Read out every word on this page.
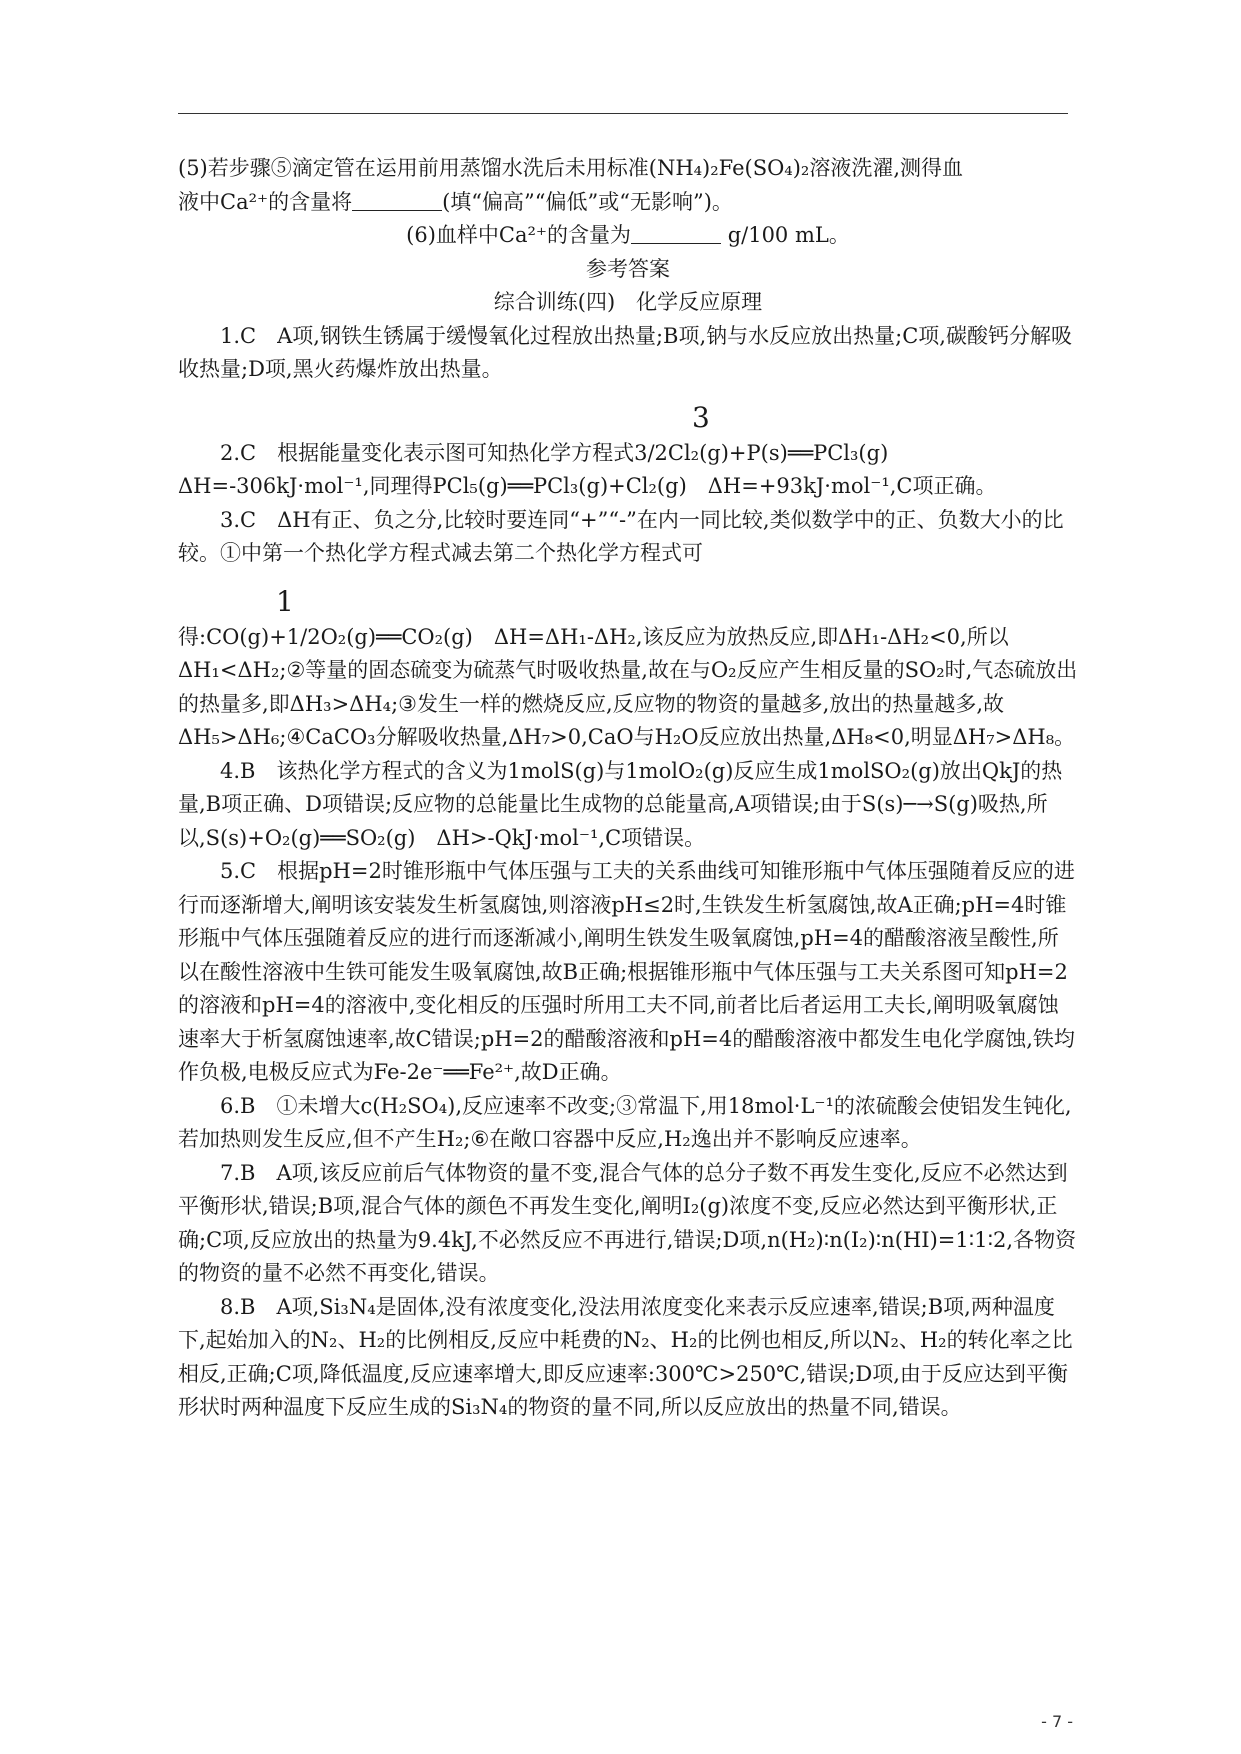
(5)若步骤⑤滴定管在运用前用蒸馏水洗后未用标准(NH₄)₂Fe(SO₄)₂溶液洗濯,测得血

液中Ca²⁺的含量将	(填“偏高”“偏低”或“无影响”)。

(6)血样中Ca²⁺的含量为	g/100 mL。

参考答案

综合训练(四)　化学反应原理

1.C　A项,钢铁生锈属于缓慢氧化过程放出热量;B项,钠与水反应放出热量;C项,碳酸钙分解吸收热量;D项,黑火药爆炸放出热量。

3

2.C　根据能量变化表示图可知热化学方程式3/2Cl₂(g)+P(s)══PCl₃(g)　ΔH=-306kJ·mol⁻¹,同理得PCl₅(g)══PCl₃(g)+Cl₂(g)　ΔH=+93kJ·mol⁻¹,C项正确。

3.C　ΔH有正、负之分,比较时要连同“+”“-”在内一同比较,类似数学中的正、负数大小的比较。①中第一个热化学方程式减去第二个热化学方程式可

1

得:CO(g)+1/2O₂(g)══CO₂(g)　ΔH=ΔH₁-ΔH₂,该反应为放热反应,即ΔH₁-ΔH₂<0,所以ΔH₁<ΔH₂;②等量的固态硫变为硫蒸气时吸收热量,故在与O₂反应产生相反量的SO₂时,气态硫放出的热量多,即ΔH₃>ΔH₄;③发生一样的燃烧反应,反应物的物资的量越多,放出的热量越多,故ΔH₅>ΔH₆;④CaCO₃分解吸收热量,ΔH₇>0,CaO与H₂O反应放出热量,ΔH₈<0,明显ΔH₇>ΔH₈。

4.B　该热化学方程式的含义为1molS(g)与1molO₂(g)反应生成1molSO₂(g)放出QkJ的热量,B项正确、D项错误;反应物的总能量比生成物的总能量高,A项错误;由于S(s)─→S(g)吸热,所以,S(s)+O₂(g)══SO₂(g)　ΔH>-QkJ·mol⁻¹,C项错误。

5.C　根据pH=2时锥形瓶中气体压强与工夫的关系曲线可知锥形瓶中气体压强随着反应的进行而逐渐增大,阐明该安装发生析氢腐蚀,则溶液pH≤2时,生铁发生析氢腐蚀,故A正确;pH=4时锥形瓶中气体压强随着反应的进行而逐渐减小,阐明生铁发生吸氧腐蚀,pH=4的醋酸溶液呈酸性,所以在酸性溶液中生铁可能发生吸氧腐蚀,故B正确;根据锥形瓶中气体压强与工夫关系图可知pH=2的溶液和pH=4的溶液中,变化相反的压强时所用工夫不同,前者比后者运用工夫长,阐明吸氧腐蚀速率大于析氢腐蚀速率,故C错误;pH=2的醋酸溶液和pH=4的醋酸溶液中都发生电化学腐蚀,铁均作负极,电极反应式为Fe-2e⁻══Fe²⁺,故D正确。

6.B　①未增大c(H₂SO₄),反应速率不改变;③常温下,用18mol·L⁻¹的浓硫酸会使铝发生钝化,若加热则发生反应,但不产生H₂;⑥在敞口容器中反应,H₂逸出并不影响反应速率。

7.B　A项,该反应前后气体物资的量不变,混合气体的总分子数不再发生变化,反应不必然达到平衡形状,错误;B项,混合气体的颜色不再发生变化,阐明I₂(g)浓度不变,反应必然达到平衡形状,正确;C项,反应放出的热量为9.4kJ,不必然反应不再进行,错误;D项,n(H₂)∶n(I₂)∶n(HI)=1∶1∶2,各物资的物资的量不必然不再变化,错误。

8.B　A项,Si₃N₄是固体,没有浓度变化,没法用浓度变化来表示反应速率,错误;B项,两种温度下,起始加入的N₂、H₂的比例相反,反应中耗费的N₂、H₂的比例也相反,所以N₂、H₂的转化率之比相反,正确;C项,降低温度,反应速率增大,即反应速率:300℃>250℃,错误;D项,由于反应达到平衡形状时两种温度下反应生成的Si₃N₄的物资的量不同,所以反应放出的热量不同,错误。

- 7 -
